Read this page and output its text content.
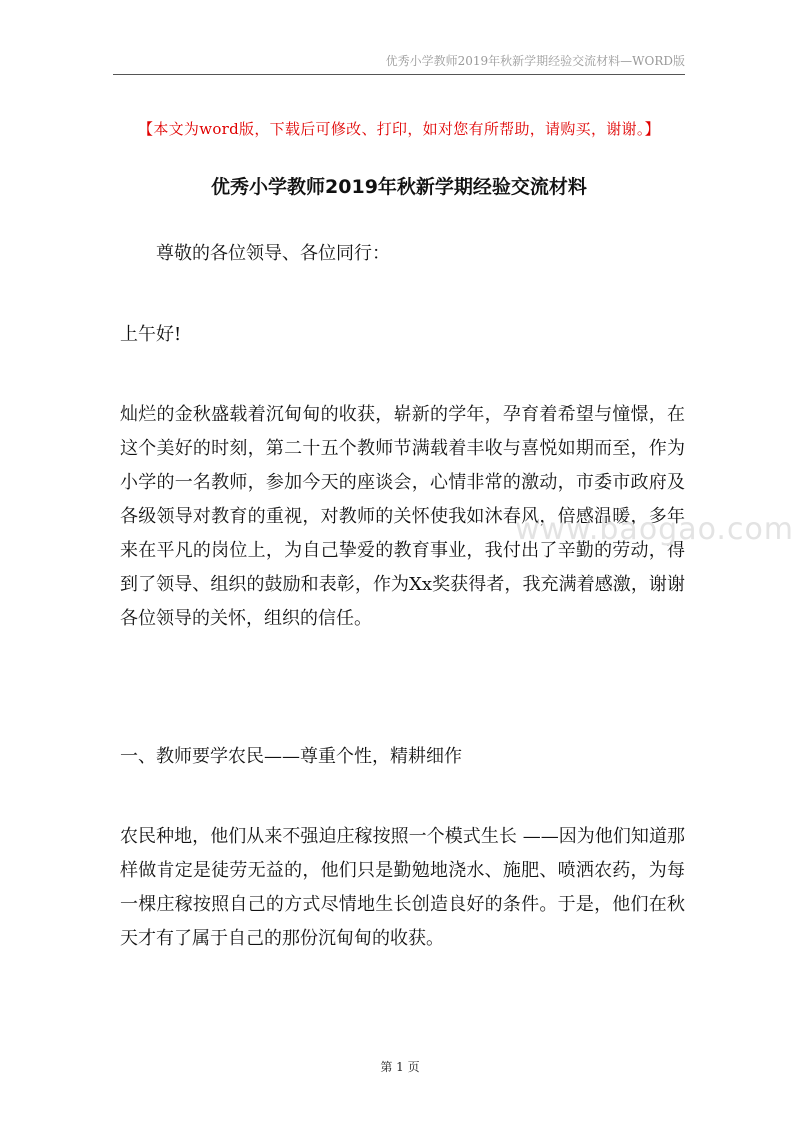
优秀小学教师2019年秋新学期经验交流材料—WORD版
【本文为word版，下载后可修改、打印，如对您有所帮助，请购买，谢谢。】
优秀小学教师2019年秋新学期经验交流材料
尊敬的各位领导、各位同行：
上午好!
灿烂的金秋盛载着沉甸甸的收获，崭新的学年，孕育着希望与憧憬，在这个美好的时刻，第二十五个教师节满载着丰收与喜悦如期而至，作为小学的一名教师，参加今天的座谈会，心情非常的激动，市委市政府及各级领导对教育的重视，对教师的关怀使我如沐春风，倍感温暖，多年来在平凡的岗位上，为自己挚爱的教育事业，我付出了辛勤的劳动，得到了领导、组织的鼓励和表彰，作为Xx奖获得者，我充满着感激，谢谢各位领导的关怀，组织的信任。
一、教师要学农民——尊重个性，精耕细作
农民种地，他们从来不强迫庄稼按照一个模式生长 ——因为他们知道那样做肯定是徒劳无益的，他们只是勤勉地浇水、施肥、喷洒农药，为每一棵庄稼按照自己的方式尽情地生长创造良好的条件。于是，他们在秋天才有了属于自己的那份沉甸甸的收获。
www.baogao.com
第 1 页
